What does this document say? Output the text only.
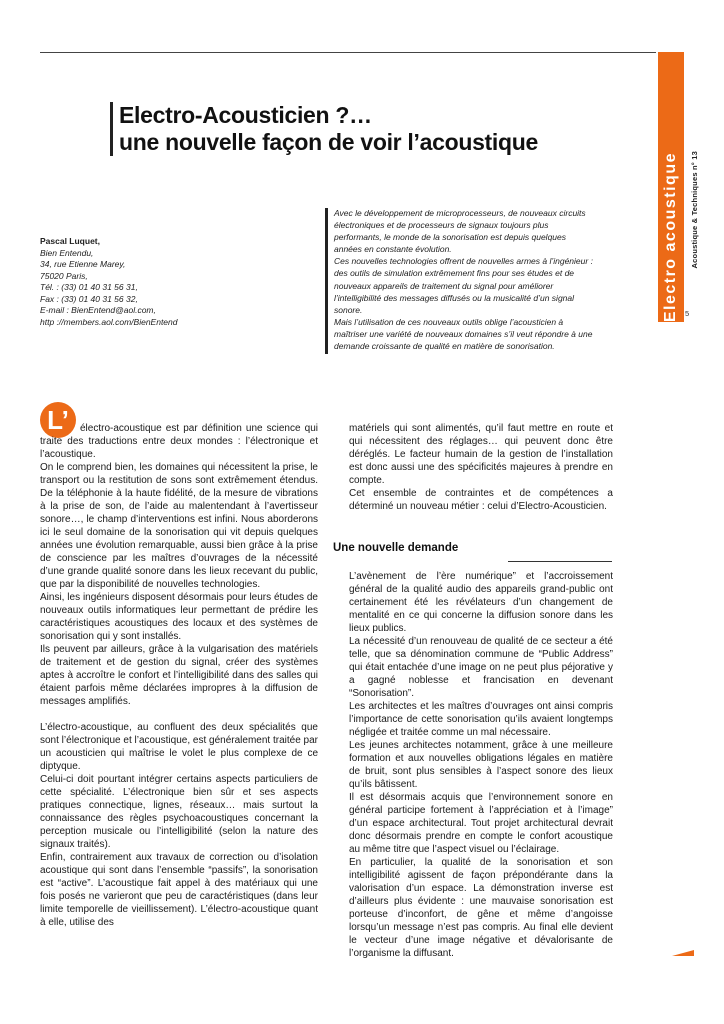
Electro acoustique Acoustique & Techniques n° 13
5
Electro-Acousticien ?…
une nouvelle façon de voir l’acoustique
Pascal Luquet,
Bien Entendu,
34, rue Etienne Marey,
75020 Paris,
Tél. : (33) 01 40 31 56 31,
Fax : (33) 01 40 31 56 32,
E-mail : BienEntend@aol.com,
http ://members.aol.com/BienEntend

Avec le développement de microprocesseurs, de nouveaux circuits électroniques et de processeurs de signaux toujours plus performants, le monde de la sonorisation est depuis quelques années en constante évolution.

Ces nouvelles technologies offrent de nouvelles armes à l’ingénieur : des outils de simulation extrêmement fins pour ses études et de nouveaux appareils de traitement du signal pour améliorer l’intelligibilité des messages diffusés ou la musicalité d’un signal sonore.

Mais l’utilisation de ces nouveaux outils oblige l’acousticien à maîtriser une variété de nouveaux domaines s’il veut répondre à une demande croissante de qualité en matière de sonorisation.

L’	électro-acoustique est par définition une science qui traite des traductions entre deux mondes : l’électronique et l’acoustique.

On le comprend bien, les domaines qui nécessitent la prise, le transport ou la restitution de sons sont extrêmement étendus. De la téléphonie à la haute fidélité, de la mesure de vibrations à la prise de son, de l’aide au malentendant à l’avertisseur sonore…, le champ d’interventions est infini. Nous aborderons ici le seul domaine de la sonorisation qui vit depuis quelques années une évolution remarquable, aussi bien grâce à la prise de conscience par les maîtres d’ouvrages de la nécessité d’une grande qualité sonore dans les lieux recevant du public, que par la disponibilité de nouvelles technologies.

Ainsi, les ingénieurs disposent désormais pour leurs études de nouveaux outils informatiques leur permettant de prédire les caractéristiques acoustiques des locaux et des systèmes de sonorisation qui y sont installés.

Ils peuvent par ailleurs, grâce à la vulgarisation des matériels de traitement et de gestion du signal, créer des systèmes aptes à accroître le confort et l’intelligibilité dans des salles qui étaient parfois même déclarées impropres à la diffusion de messages amplifiés.

L’électro-acoustique, au confluent des deux spécialités que sont l’électronique et l’acoustique, est généralement traitée par un acousticien qui maîtrise le volet le plus complexe de ce diptyque.

Celui-ci doit pourtant intégrer certains aspects particuliers de cette spécialité. L’électronique bien sûr et ses aspects pratiques connectique, lignes, réseaux… mais surtout la connaissance des règles psychoacoustiques concernant la perception musicale ou l’intelligibilité (selon la nature des signaux traités).

Enfin, contrairement aux travaux de correction ou d’isolation acoustique qui sont dans l’ensemble “passifs”, la sonorisation est “active”. L’acoustique fait appel à des matériaux qui une fois posés ne varieront que peu de caractéristiques (dans leur limite temporelle de vieillissement). L’électro-acoustique quant à elle, utilise des

matériels qui sont alimentés, qu’il faut mettre en route et qui nécessitent des réglages… qui peuvent donc être déréglés. Le facteur humain de la gestion de l’installation est donc aussi une des spécificités majeures à prendre en compte.

Cet ensemble de contraintes et de compétences a déterminé un nouveau métier : celui d’Electro-Acousticien.

Une nouvelle demande

L’avènement de l’ère numérique” et l’accroissement général de la qualité audio des appareils grand-public ont certainement été les révélateurs d’un changement de mentalité en ce qui concerne la diffusion sonore dans les lieux publics.

La nécessité d’un renouveau de qualité de ce secteur a été telle, que sa dénomination commune de “Public Address” qui était entachée d’une image on ne peut plus péjorative y a gagné noblesse et francisation en devenant “Sonorisation”.

Les architectes et les maîtres d’ouvrages ont ainsi compris l’importance de cette sonorisation qu’ils avaient longtemps négligée et traitée comme un mal nécessaire.

Les jeunes architectes notamment, grâce à une meilleure formation et aux nouvelles obligations légales en matière de bruit, sont plus sensibles à l’aspect sonore des lieux qu’ils bâtissent.

Il est désormais acquis que l’environnement sonore en général participe fortement à l’appréciation et à l’image” d’un espace architectural. Tout projet architectural devrait donc désormais prendre en compte le confort acoustique au même titre que l’aspect visuel ou l’éclairage.

En particulier, la qualité de la sonorisation et son intelligibilité agissent de façon prépondérante dans la valorisation d’un espace. La démonstration inverse est d’ailleurs plus évidente : une mauvaise sonorisation est porteuse d’inconfort, de gêne et même d’angoisse lorsqu’un message n’est pas compris. Au final elle devient le vecteur d’une image négative et dévalorisante de l’organisme la diffusant.
